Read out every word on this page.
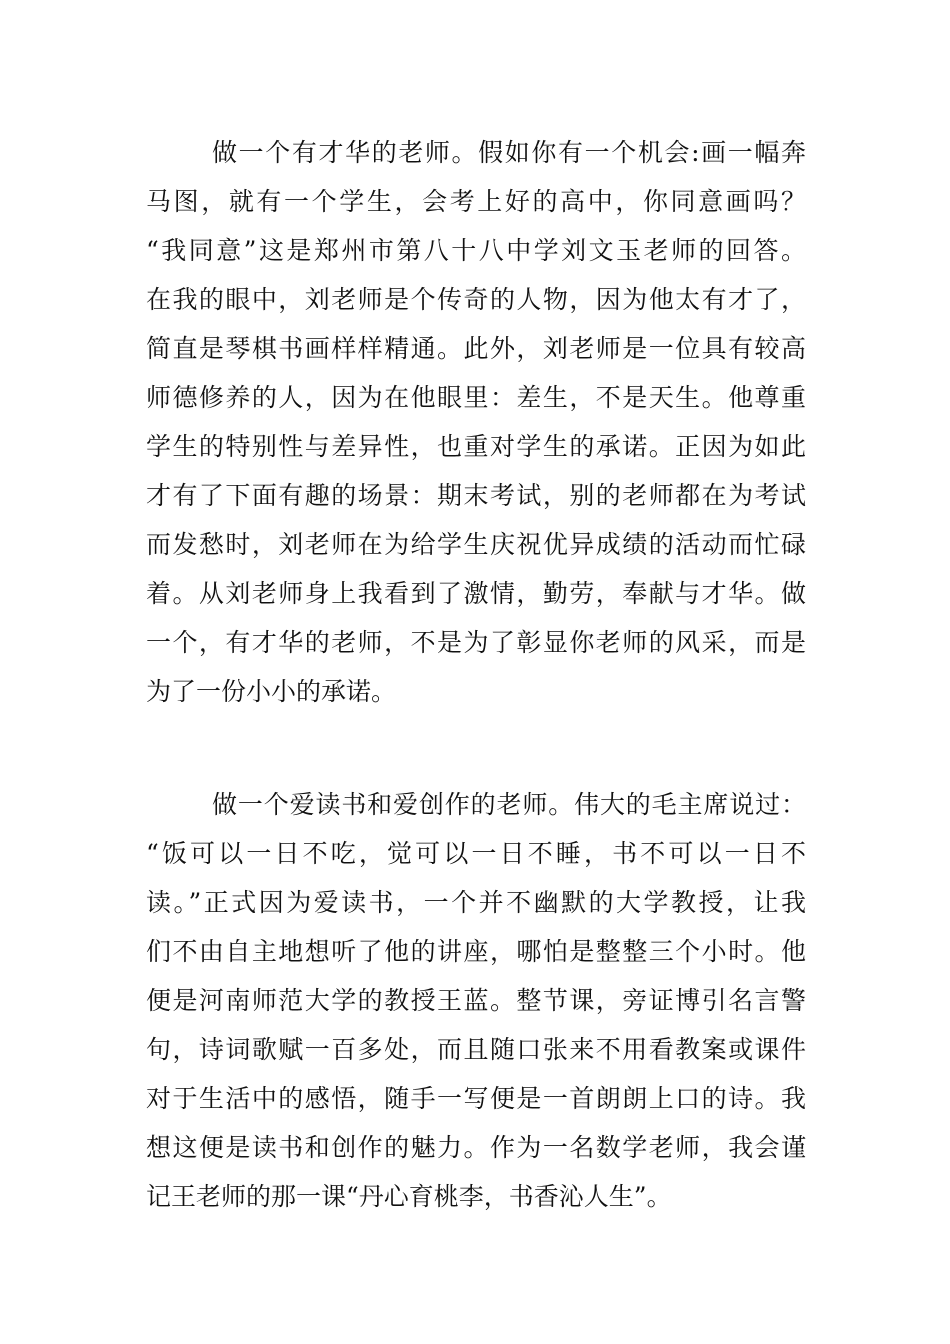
做一个有才华的老师。假如你有一个机会:画一幅奔
马图，就有一个学生，会考上好的高中，你同意画吗？
“我同意”这是郑州市第八十八中学刘文玉老师的回答。
在我的眼中，刘老师是个传奇的人物，因为他太有才了，
简直是琴棋书画样样精通。此外，刘老师是一位具有较高
师德修养的人，因为在他眼里：差生，不是天生。他尊重
学生的特别性与差异性，也重对学生的承诺。正因为如此
才有了下面有趣的场景：期末考试，别的老师都在为考试
而发愁时，刘老师在为给学生庆祝优异成绩的活动而忙碌
着。从刘老师身上我看到了激情，勤劳，奉献与才华。做
一个，有才华的老师，不是为了彰显你老师的风采，而是
为了一份小小的承诺。
做一个爱读书和爱创作的老师。伟大的毛主席说过：
“饭可以一日不吃，觉可以一日不睡，书不可以一日不
读。”正式因为爱读书，一个并不幽默的大学教授，让我
们不由自主地想听了他的讲座，哪怕是整整三个小时。他
便是河南师范大学的教授王蓝。整节课，旁证博引名言警
句，诗词歌赋一百多处，而且随口张来不用看教案或课件
对于生活中的感悟，随手一写便是一首朗朗上口的诗。我
想这便是读书和创作的魅力。作为一名数学老师，我会谨
记王老师的那一课“丹心育桃李，书香沁人生”。
